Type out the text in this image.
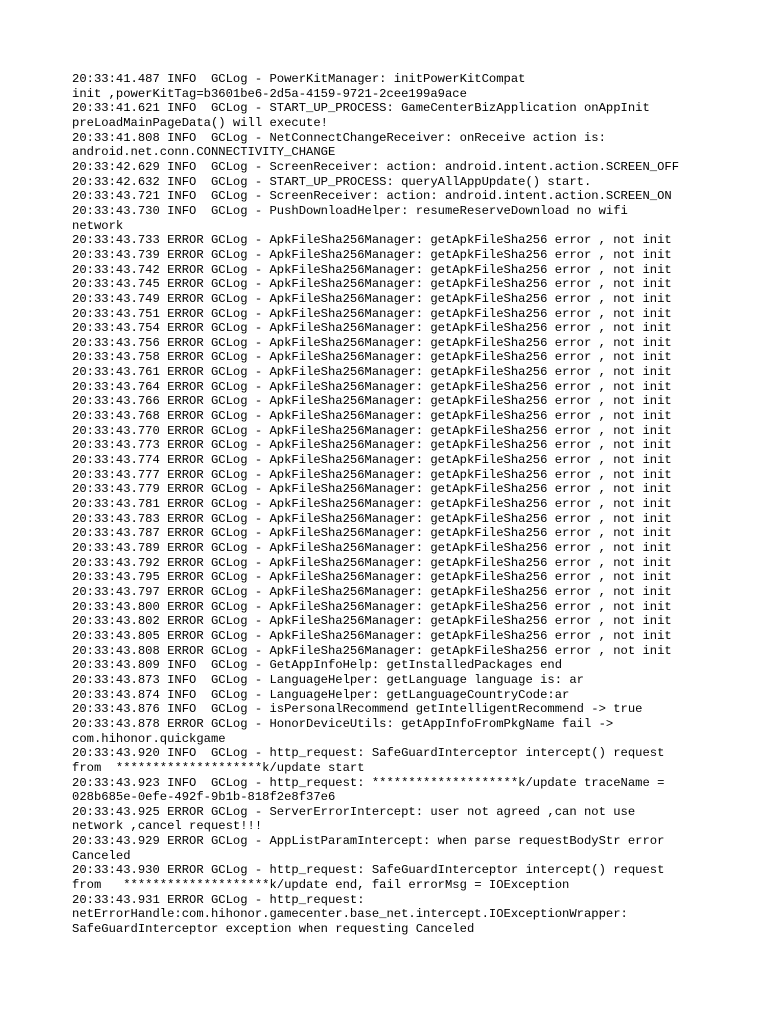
20:33:41.487 INFO  GCLog - PowerKitManager: initPowerKitCompat
init ,powerKitTag=b3601be6-2d5a-4159-9721-2cee199a9ace
20:33:41.621 INFO  GCLog - START_UP_PROCESS: GameCenterBizApplication onAppInit
preLoadMainPageData() will execute!
20:33:41.808 INFO  GCLog - NetConnectChangeReceiver: onReceive action is:
android.net.conn.CONNECTIVITY_CHANGE
20:33:42.629 INFO  GCLog - ScreenReceiver: action: android.intent.action.SCREEN_OFF
20:33:42.632 INFO  GCLog - START_UP_PROCESS: queryAllAppUpdate() start.
20:33:43.721 INFO  GCLog - ScreenReceiver: action: android.intent.action.SCREEN_ON
20:33:43.730 INFO  GCLog - PushDownloadHelper: resumeReserveDownload no wifi
network
20:33:43.733 ERROR GCLog - ApkFileSha256Manager: getApkFileSha256 error , not init
20:33:43.739 ERROR GCLog - ApkFileSha256Manager: getApkFileSha256 error , not init
20:33:43.742 ERROR GCLog - ApkFileSha256Manager: getApkFileSha256 error , not init
20:33:43.745 ERROR GCLog - ApkFileSha256Manager: getApkFileSha256 error , not init
20:33:43.749 ERROR GCLog - ApkFileSha256Manager: getApkFileSha256 error , not init
20:33:43.751 ERROR GCLog - ApkFileSha256Manager: getApkFileSha256 error , not init
20:33:43.754 ERROR GCLog - ApkFileSha256Manager: getApkFileSha256 error , not init
20:33:43.756 ERROR GCLog - ApkFileSha256Manager: getApkFileSha256 error , not init
20:33:43.758 ERROR GCLog - ApkFileSha256Manager: getApkFileSha256 error , not init
20:33:43.761 ERROR GCLog - ApkFileSha256Manager: getApkFileSha256 error , not init
20:33:43.764 ERROR GCLog - ApkFileSha256Manager: getApkFileSha256 error , not init
20:33:43.766 ERROR GCLog - ApkFileSha256Manager: getApkFileSha256 error , not init
20:33:43.768 ERROR GCLog - ApkFileSha256Manager: getApkFileSha256 error , not init
20:33:43.770 ERROR GCLog - ApkFileSha256Manager: getApkFileSha256 error , not init
20:33:43.773 ERROR GCLog - ApkFileSha256Manager: getApkFileSha256 error , not init
20:33:43.774 ERROR GCLog - ApkFileSha256Manager: getApkFileSha256 error , not init
20:33:43.777 ERROR GCLog - ApkFileSha256Manager: getApkFileSha256 error , not init
20:33:43.779 ERROR GCLog - ApkFileSha256Manager: getApkFileSha256 error , not init
20:33:43.781 ERROR GCLog - ApkFileSha256Manager: getApkFileSha256 error , not init
20:33:43.783 ERROR GCLog - ApkFileSha256Manager: getApkFileSha256 error , not init
20:33:43.787 ERROR GCLog - ApkFileSha256Manager: getApkFileSha256 error , not init
20:33:43.789 ERROR GCLog - ApkFileSha256Manager: getApkFileSha256 error , not init
20:33:43.792 ERROR GCLog - ApkFileSha256Manager: getApkFileSha256 error , not init
20:33:43.795 ERROR GCLog - ApkFileSha256Manager: getApkFileSha256 error , not init
20:33:43.797 ERROR GCLog - ApkFileSha256Manager: getApkFileSha256 error , not init
20:33:43.800 ERROR GCLog - ApkFileSha256Manager: getApkFileSha256 error , not init
20:33:43.802 ERROR GCLog - ApkFileSha256Manager: getApkFileSha256 error , not init
20:33:43.805 ERROR GCLog - ApkFileSha256Manager: getApkFileSha256 error , not init
20:33:43.808 ERROR GCLog - ApkFileSha256Manager: getApkFileSha256 error , not init
20:33:43.809 INFO  GCLog - GetAppInfoHelp: getInstalledPackages end
20:33:43.873 INFO  GCLog - LanguageHelper: getLanguage language is: ar
20:33:43.874 INFO  GCLog - LanguageHelper: getLanguageCountryCode:ar
20:33:43.876 INFO  GCLog - isPersonalRecommend getIntelligentRecommend -> true
20:33:43.878 ERROR GCLog - HonorDeviceUtils: getAppInfoFromPkgName fail ->
com.hihonor.quickgame
20:33:43.920 INFO  GCLog - http_request: SafeGuardInterceptor intercept() request
from  ********************k/update start
20:33:43.923 INFO  GCLog - http_request: ********************k/update traceName =
028b685e-0efe-492f-9b1b-818f2e8f37e6
20:33:43.925 ERROR GCLog - ServerErrorIntercept: user not agreed ,can not use
network ,cancel request!!!
20:33:43.929 ERROR GCLog - AppListParamIntercept: when parse requestBodyStr error
Canceled
20:33:43.930 ERROR GCLog - http_request: SafeGuardInterceptor intercept() request
from   ********************k/update end, fail errorMsg = IOException
20:33:43.931 ERROR GCLog - http_request:
netErrorHandle:com.hihonor.gamecenter.base_net.intercept.IOExceptionWrapper:
SafeGuardInterceptor exception when requesting Canceled
